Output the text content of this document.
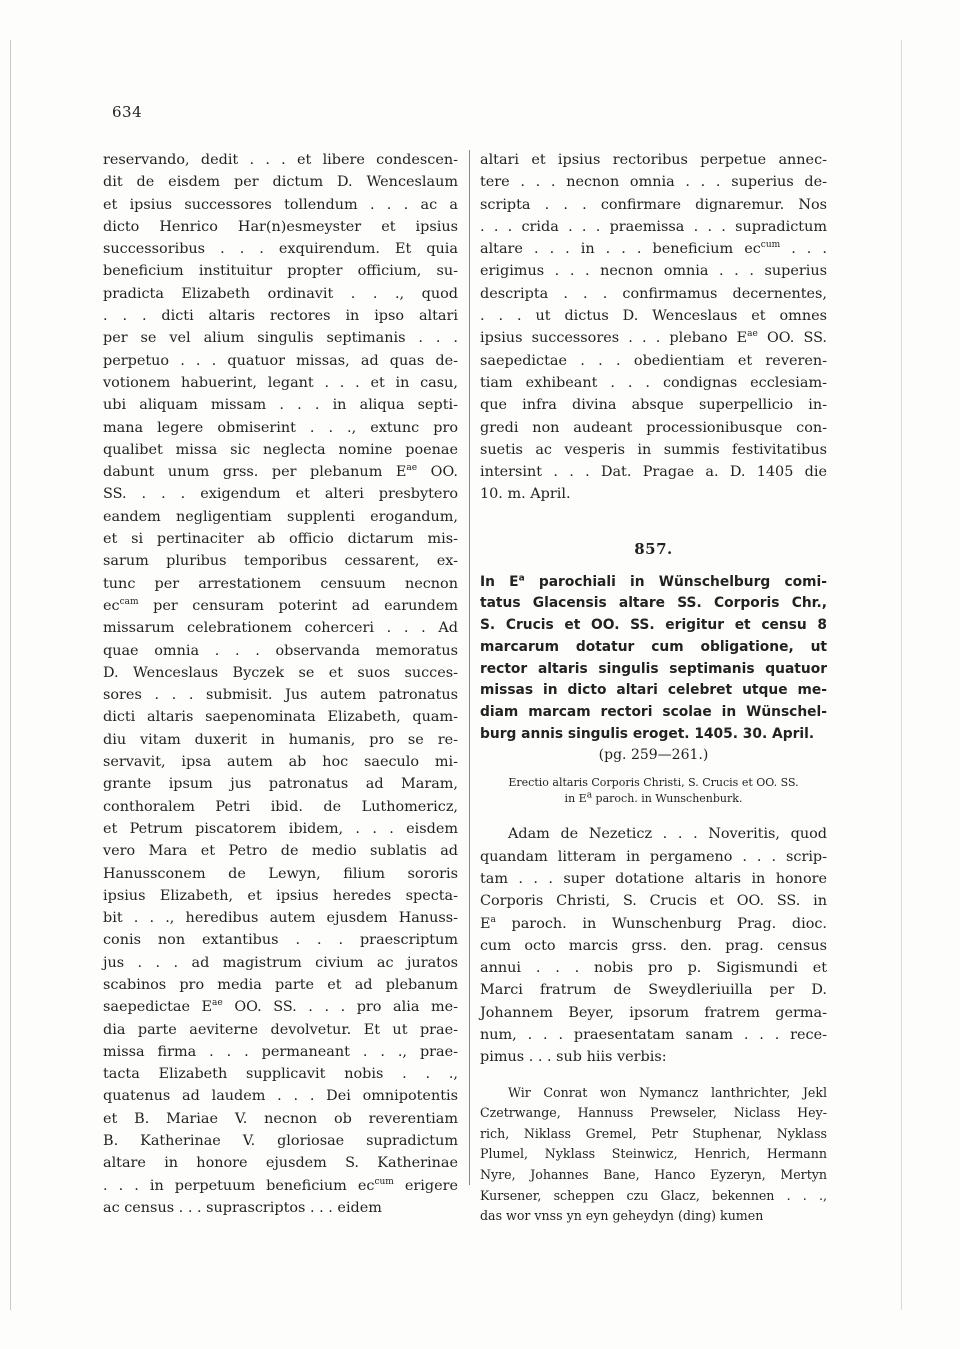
634

reservando, dedit . . . et libere condescen-
dit de eisdem per dictum D. Wenceslaum
et ipsius successores tollendum . . . ac a
dicto Henrico Har(n)esmeyster et ipsius
successoribus . . . exquirendum. Et quia
beneficium instituitur propter officium, su-
pradicta Elizabeth ordinavit . . ., quod
. . . dicti altaris rectores in ipso altari
per se vel alium singulis septimanis . . .
perpetuo . . . quatuor missas, ad quas de-
votionem habuerint, legant . . . et in casu,
ubi aliquam missam . . . in aliqua septi-
mana legere obmiserint . . ., extunc pro
qualibet missa sic neglecta nomine poenae
dabunt unum grss. per plebanum $E^{ae}$ OO.
SS. . . . exigendum et alteri presbytero
eandem negligentiam supplenti erogandum,
et si pertinaciter ab officio dictarum mis-
sarum pluribus temporibus cessarent, ex-
tunc per arrestationem censuum necnon
$ec^{cam}$ per censuram poterint ad earundem
missarum celebrationem coherceri . . . Ad
quae omnia . . . observanda memoratus
D. Wenceslaus Byczek se et suos succes-
sores . . . submisit. Jus autem patronatus
dicti altaris saepenominata Elizabeth, quam-
diu vitam duxerit in humanis, pro se re-
servavit, ipsa autem ab hoc saeculo mi-
grante ipsum jus patronatus ad Maram,
conthoralem Petri ibid. de Luthomericz,
et Petrum piscatorem ibidem, . . . eisdem
vero Mara et Petro de medio sublatis ad
Hanussconem de Lewyn, filium sororis
ipsius Elizabeth, et ipsius heredes specta-
bit . . ., heredibus autem ejusdem Hanuss-
conis non extantibus . . . praescriptum
jus . . . ad magistrum civium ac juratos
scabinos pro media parte et ad plebanum
saepedictae $E^{ae}$ OO. SS. . . . pro alia me-
dia parte aeviterne devolvetur. Et ut prae-
missa firma . . . permaneant . . ., prae-
tacta Elizabeth supplicavit nobis . . .,
quatenus ad laudem . . . Dei omnipotentis
et B. Mariae V. necnon ob reverentiam
B. Katherinae V. gloriosae supradictum
altare in honore ejusdem S. Katherinae
. . . in perpetuum beneficium $ec^{cum}$ erigere
ac census . . . suprascriptos . . . eidem

altari et ipsius rectoribus perpetue annec-
tere . . . necnon omnia . . . superius de-
scripta . . . confirmare dignaremur. Nos
. . . crida . . . praemissa . . . supradictum
altare . . . in . . . beneficium $ec^{cum}$ . . .
erigimus . . . necnon omnia . . . superius
descripta . . . confirmamus decernentes,
. . . ut dictus D. Wenceslaus et omnes
ipsius successores . . . plebano $E^{ae}$ OO. SS.
saepedictae . . . obedientiam et reveren-
tiam exhibeant . . . condignas ecclesiam-
que infra divina absque superpellicio in-
gredi non audeant processionibusque con-
suetis ac vesperis in summis festivitatibus
intersint . . . Dat. Pragae a. D. 1405 die
10. m. April.

857.

In $E^a$ parochiali in Wünschelburg comi-
tatus Glacensis altare SS. Corporis Chr.,
S. Crucis et OO. SS. erigitur et censu 8
marcarum dotatur cum obligatione, ut
rector altaris singulis septimanis quatuor
missas in dicto altari celebret utque me-
diam marcam rectori scolae in Wünschel-
burg annis singulis eroget. 1405. 30. April.

(pg. 259—261.)
Erectio altaris Corporis Christi, S. Crucis et OO. SS.
in $E^a$ paroch. in Wunschenburk.

Adam de Nezeticz . . . Noveritis, quod
quandam litteram in pergameno . . . scrip-
tam . . . super dotatione altaris in honore
Corporis Christi, S. Crucis et OO. SS. in
$E^a$ paroch. in Wunschenburg Prag. dioc.
cum octo marcis grss. den. prag. census
annui . . . nobis pro p. Sigismundi et
Marci fratrum de Sweydleriuilla per D.
Johannem Beyer, ipsorum fratrem germa-
num, . . . praesentatam sanam . . . rece-
pimus . . . sub hiis verbis:

Wir Conrat won Nymancz lanthrichter, Jekl
Czetrwange, Hannuss Prewseler, Niclass Hey-
rich, Niklass Gremel, Petr Stuphenar, Nyklass
Plumel, Nyklass Steinwicz, Henrich, Hermann
Nyre, Johannes Bane, Hanco Eyzeryn, Mertyn
Kursener, scheppen czu Glacz, bekennen . . .,
das wor vnss yn eyn geheydyn (ding) kumen
